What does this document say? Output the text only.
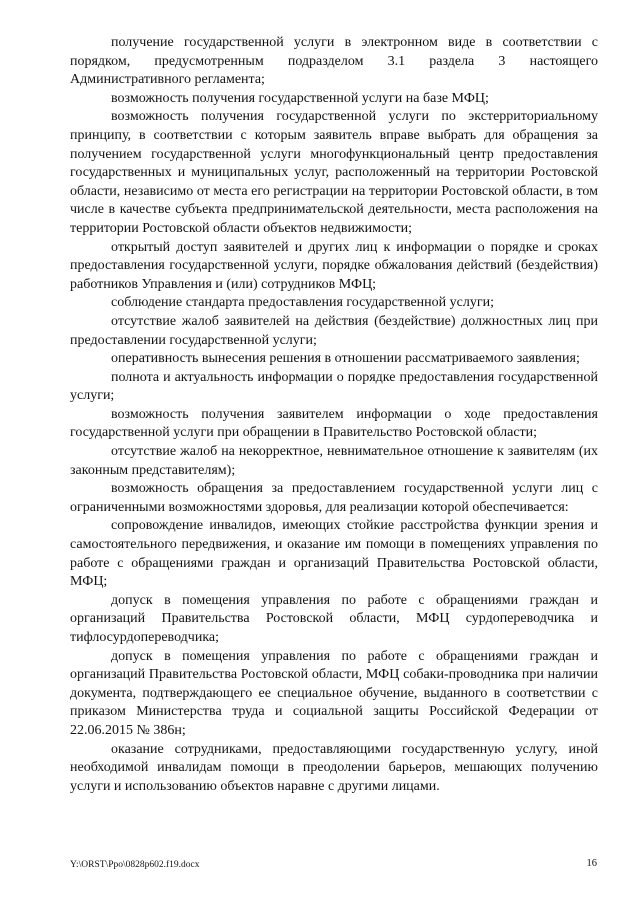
получение государственной услуги в электронном виде в соответствии с порядком, предусмотренным подразделом 3.1 раздела 3 настоящего Административного регламента;

возможность получения государственной услуги на базе МФЦ;

возможность получения государственной услуги по экстерриториальному принципу, в соответствии с которым заявитель вправе выбрать для обращения за получением государственной услуги многофункциональный центр предоставления государственных и муниципальных услуг, расположенный на территории Ростовской области, независимо от места его регистрации на территории Ростовской области, в том числе в качестве субъекта предпринимательской деятельности, места расположения на территории Ростовской области объектов недвижимости;

открытый доступ заявителей и других лиц к информации о порядке и сроках предоставления государственной услуги, порядке обжалования действий (бездействия) работников Управления и (или) сотрудников МФЦ;

соблюдение стандарта предоставления государственной услуги;

отсутствие жалоб заявителей на действия (бездействие) должностных лиц при предоставлении государственной услуги;

оперативность вынесения решения в отношении рассматриваемого заявления;

полнота и актуальность информации о порядке предоставления государственной услуги;

возможность получения заявителем информации о ходе предоставления государственной услуги при обращении в Правительство Ростовской области;

отсутствие жалоб на некорректное, невнимательное отношение к заявителям (их законным представителям);

возможность обращения за предоставлением государственной услуги лиц с ограниченными возможностями здоровья, для реализации которой обеспечивается:

сопровождение инвалидов, имеющих стойкие расстройства функции зрения и самостоятельного передвижения, и оказание им помощи в помещениях управления по работе с обращениями граждан и организаций Правительства Ростовской области, МФЦ;

допуск в помещения управления по работе с обращениями граждан и организаций Правительства Ростовской области, МФЦ сурдопереводчика и тифлосурдопереводчика;

допуск в помещения управления по работе с обращениями граждан и организаций Правительства Ростовской области, МФЦ собаки-проводника при наличии документа, подтверждающего ее специальное обучение, выданного в соответствии с приказом Министерства труда и социальной защиты Российской Федерации от 22.06.2015 № 386н;

оказание сотрудниками, предоставляющими государственную услугу, иной необходимой инвалидам помощи в преодолении барьеров, мешающих получению услуги и использованию объектов наравне с другими лицами.

Y:\ORST\Ppo\0828p602.f19.docx	16
